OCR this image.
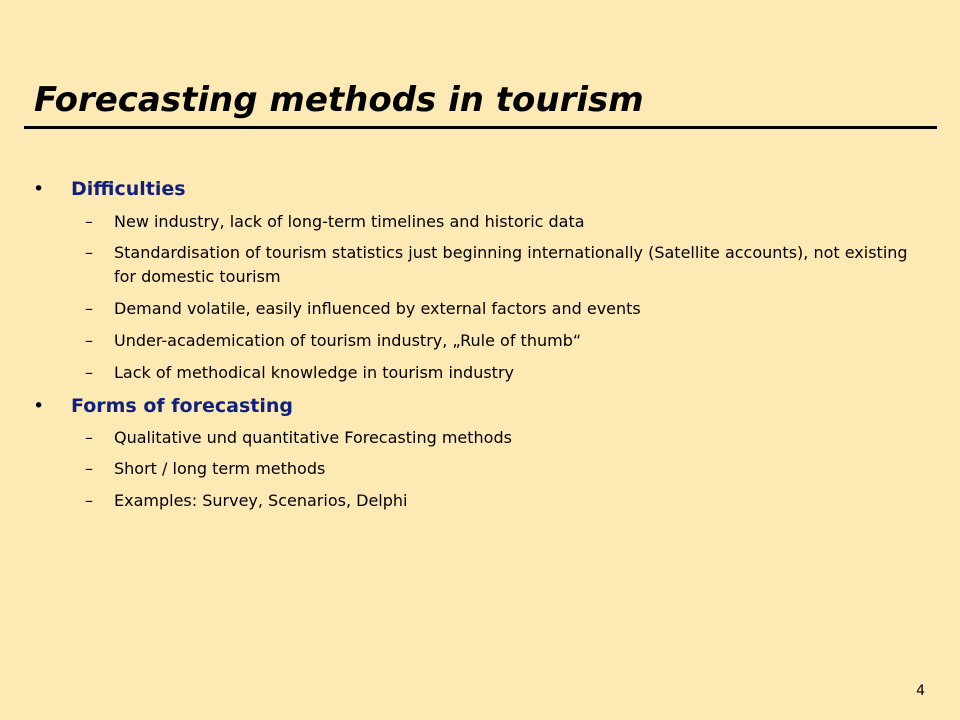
Forecasting methods in tourism
• Difficulties
– New industry, lack of long-term timelines and historic data
– Standardisation of tourism statistics just beginning internationally (Satellite accounts), not existing for domestic tourism
– Demand volatile, easily influenced by external factors and events
– Under-academication of tourism industry, „Rule of thumb“
– Lack of methodical knowledge in tourism industry
• Forms of forecasting
– Qualitative und quantitative Forecasting methods
– Short / long term methods
– Examples: Survey, Scenarios, Delphi
4
